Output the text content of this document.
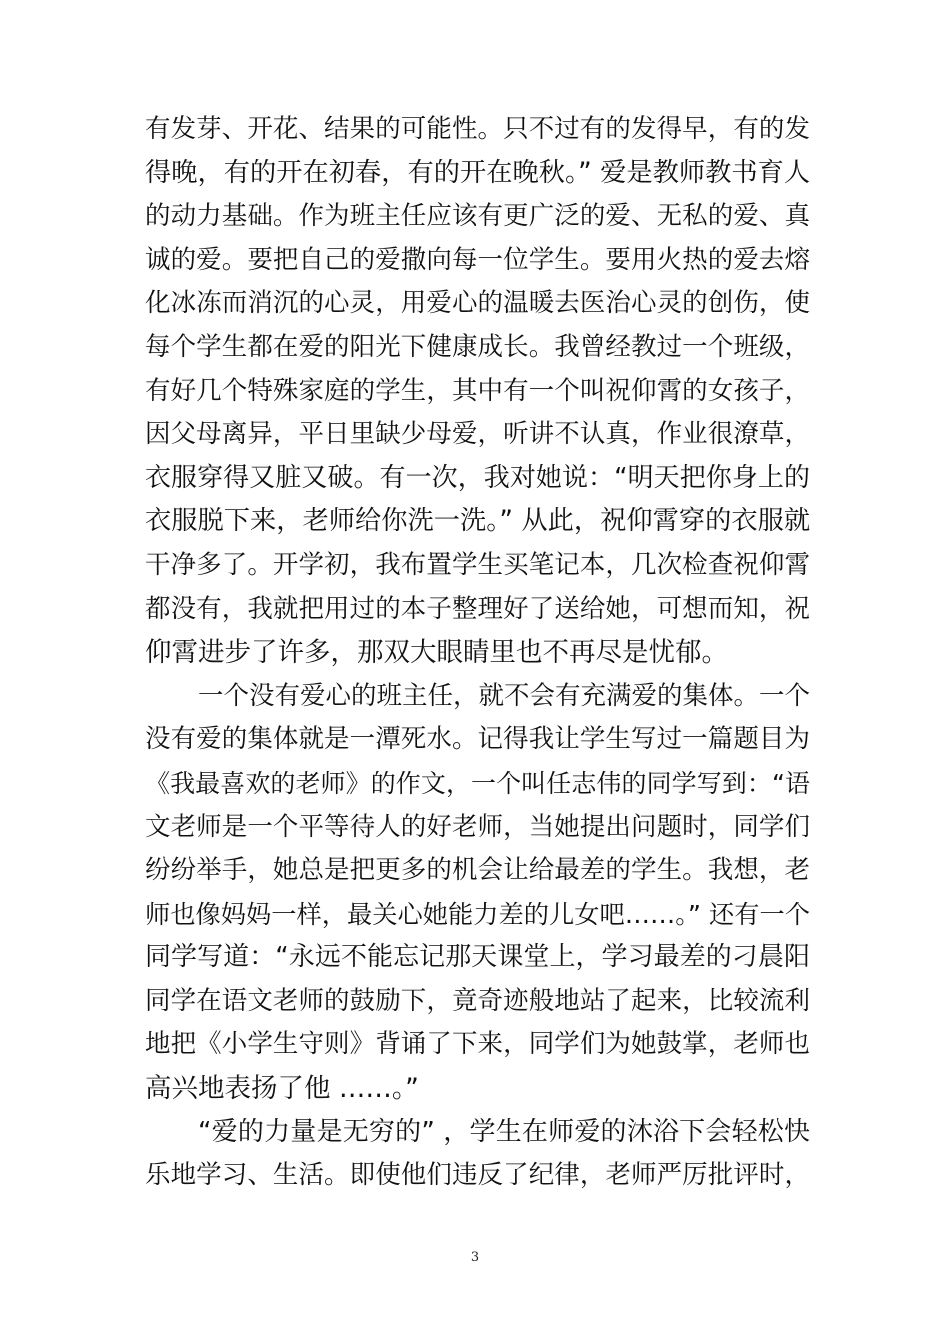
有发芽、开花、结果的可能性。只不过有的发得早，有的发
得晚，有的开在初春，有的开在晚秋。” 爱是教师教书育人
的动力基础。作为班主任应该有更广泛的爱、无私的爱、真
诚的爱。要把自己的爱撒向每一位学生。要用火热的爱去熔
化冰冻而消沉的心灵，用爱心的温暖去医治心灵的创伤，使
每个学生都在爱的阳光下健康成长。我曾经教过一个班级，
有好几个特殊家庭的学生，其中有一个叫祝仰霄的女孩子，
因父母离异，平日里缺少母爱，听讲不认真，作业很潦草，
衣服穿得又脏又破。有一次，我对她说：“明天把你身上的
衣服脱下来，老师给你洗一洗。” 从此，祝仰霄穿的衣服就
干净多了。开学初，我布置学生买笔记本，几次检查祝仰霄
都没有，我就把用过的本子整理好了送给她，可想而知，祝
仰霄进步了许多，那双大眼睛里也不再尽是忧郁。
一个没有爱心的班主任，就不会有充满爱的集体。一个
没有爱的集体就是一潭死水。记得我让学生写过一篇题目为
《我最喜欢的老师》的作文，一个叫任志伟的同学写到：“语
文老师是一个平等待人的好老师，当她提出问题时，同学们
纷纷举手，她总是把更多的机会让给最差的学生。我想，老
师也像妈妈一样，最关心她能力差的儿女吧……。” 还有一个
同学写道：“永远不能忘记那天课堂上，学习最差的刁晨阳
同学在语文老师的鼓励下，竟奇迹般地站了起来，比较流利
地把《小学生守则》背诵了下来，同学们为她鼓掌，老师也
高兴地表扬了他 ……。”
“爱的力量是无穷的” ，学生在师爱的沐浴下会轻松快
乐地学习、生活。即使他们违反了纪律，老师严厉批评时，
3
